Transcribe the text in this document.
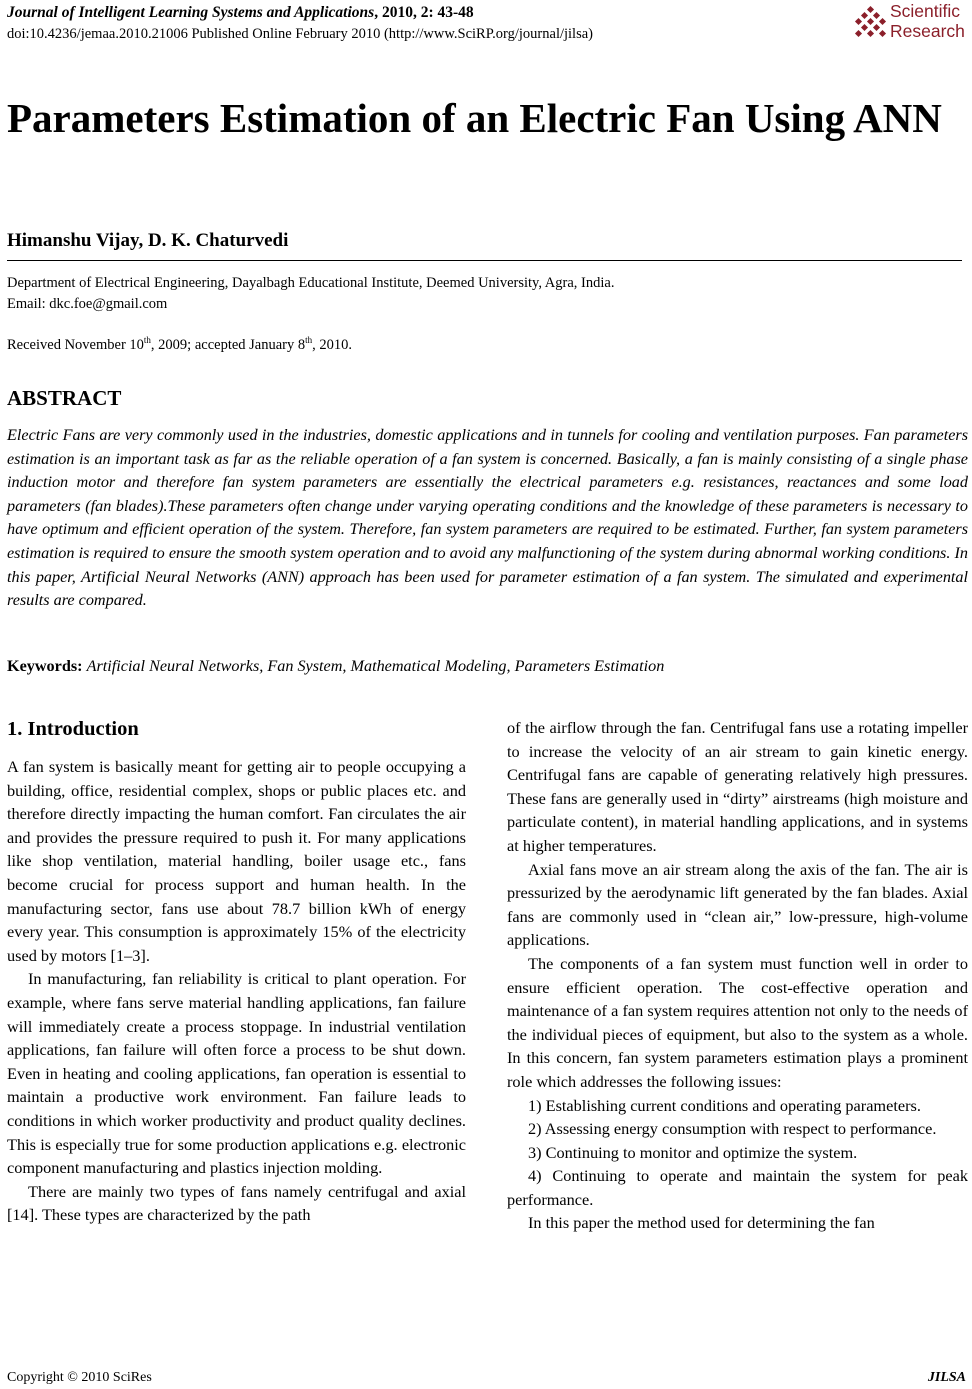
Journal of Intelligent Learning Systems and Applications, 2010, 2: 43-48
doi:10.4236/jemaa.2010.21006 Published Online February 2010 (http://www.SciRP.org/journal/jilsa)
Scientific
Research
Parameters Estimation of an Electric Fan Using ANN
Himanshu Vijay, D. K. Chaturvedi
Department of Electrical Engineering, Dayalbagh Educational Institute, Deemed University, Agra, India.
Email: dkc.foe@gmail.com
Received November 10th, 2009; accepted January 8th, 2010.
ABSTRACT

Electric Fans are very commonly used in the industries, domestic applications and in tunnels for cooling and ventilation purposes. Fan parameters estimation is an important task as far as the reliable operation of a fan system is concerned. Basically, a fan is mainly consisting of a single phase induction motor and therefore fan system parameters are essentially the electrical parameters e.g. resistances, reactances and some load parameters (fan blades).These parameters often change under varying operating conditions and the knowledge of these parameters is necessary to have optimum and efficient operation of the system. Therefore, fan system parameters are required to be estimated. Further, fan system parameters estimation is required to ensure the smooth system operation and to avoid any malfunctioning of the system during abnormal working conditions. In this paper, Artificial Neural Networks (ANN) approach has been used for parameter estimation of a fan system. The simulated and experimental results are compared.

Keywords: Artificial Neural Networks, Fan System, Mathematical Modeling, Parameters Estimation
1. Introduction

A fan system is basically meant for getting air to people occupying a building, office, residential complex, shops or public places etc. and therefore directly impacting the human comfort. Fan circulates the air and provides the pressure required to push it. For many applications like shop ventilation, material handling, boiler usage etc., fans become crucial for process support and human health. In the manufacturing sector, fans use about 78.7 billion kWh of energy every year. This consumption is approximately 15% of the electricity used by motors [1–3].

In manufacturing, fan reliability is critical to plant operation. For example, where fans serve material handling applications, fan failure will immediately create a process stoppage. In industrial ventilation applications, fan failure will often force a process to be shut down. Even in heating and cooling applications, fan operation is essential to maintain a productive work environment. Fan failure leads to conditions in which worker productivity and product quality declines. This is especially true for some production applications e.g. electronic component manufacturing and plastics injection molding.

There are mainly two types of fans namely centrifugal and axial [14]. These types are characterized by the path

of the airflow through the fan. Centrifugal fans use a rotating impeller to increase the velocity of an air stream to gain kinetic energy. Centrifugal fans are capable of generating relatively high pressures. These fans are generally used in “dirty” airstreams (high moisture and particulate content), in material handling applications, and in systems at higher temperatures.

Axial fans move an air stream along the axis of the fan. The air is pressurized by the aerodynamic lift generated by the fan blades. Axial fans are commonly used in “clean air,” low-pressure, high-volume applications.

The components of a fan system must function well in order to ensure efficient operation. The cost-effective operation and maintenance of a fan system requires attention not only to the needs of the individual pieces of equipment, but also to the system as a whole. In this concern, fan system parameters estimation plays a prominent role which addresses the following issues:

1) Establishing current conditions and operating parameters.

2) Assessing energy consumption with respect to performance.

3) Continuing to monitor and optimize the system.

4) Continuing to operate and maintain the system for peak performance.

In this paper the method used for determining the fan

Copyright © 2010 SciRes	JILSA
